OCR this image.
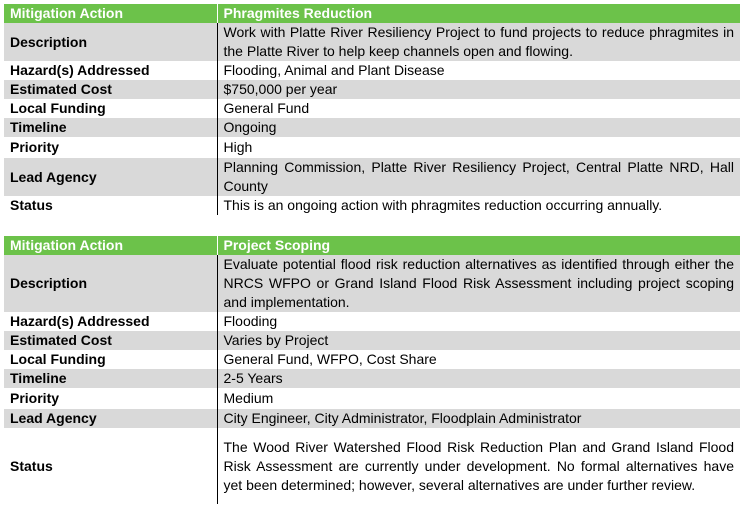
Mitigation Action	Phragmites Reduction
Description	Work with Platte River Resiliency Project to fund projects to reduce phragmites in the Platte River to help keep channels open and flowing.
Hazard(s) Addressed	Flooding, Animal and Plant Disease
Estimated Cost	$750,000 per year
Local Funding	General Fund
Timeline	Ongoing
Priority	High
Lead Agency	Planning Commission, Platte River Resiliency Project, Central Platte NRD, Hall County
Status	This is an ongoing action with phragmites reduction occurring annually.
Mitigation Action	Project Scoping
Description	Evaluate potential flood risk reduction alternatives as identified through either the NRCS WFPO or Grand Island Flood Risk Assessment including project scoping and implementation.
Hazard(s) Addressed	Flooding
Estimated Cost	Varies by Project
Local Funding	General Fund, WFPO, Cost Share
Timeline	2-5 Years
Priority	Medium
Lead Agency	City Engineer, City Administrator, Floodplain Administrator
Status	The Wood River Watershed Flood Risk Reduction Plan and Grand Island Flood Risk Assessment are currently under development. No formal alternatives have yet been determined; however, several alternatives are under further review.
